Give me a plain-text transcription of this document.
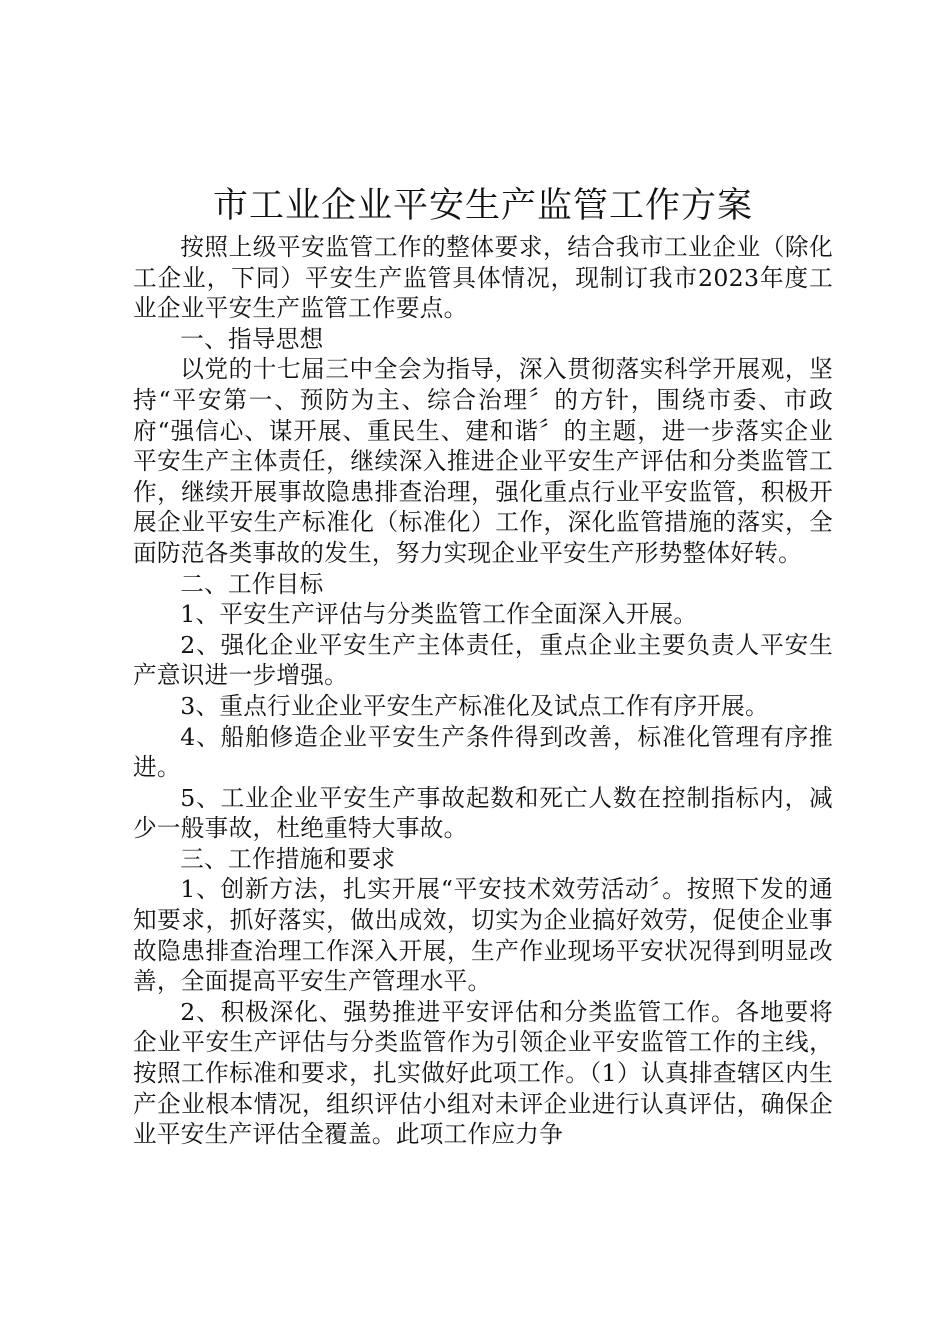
市工业企业平安生产监管工作方案

按照上级平安监管工作的整体要求，结合我市工业企业（除化工企业，下同）平安生产监管具体情况，现制订我市2023年度工业企业平安生产监管工作要点。

一、指导思想

以党的十七届三中全会为指导，深入贯彻落实科学开展观，坚持“平安第一、预防为主、综合治理〞的方针，围绕市委、市政府“强信心、谋开展、重民生、建和谐〞的主题，进一步落实企业平安生产主体责任，继续深入推进企业平安生产评估和分类监管工作，继续开展事故隐患排查治理，强化重点行业平安监管，积极开展企业平安生产标准化（标准化）工作，深化监管措施的落实，全面防范各类事故的发生，努力实现企业平安生产形势整体好转。

二、工作目标

1、平安生产评估与分类监管工作全面深入开展。

2、强化企业平安生产主体责任，重点企业主要负责人平安生产意识进一步增强。

3、重点行业企业平安生产标准化及试点工作有序开展。

4、船舶修造企业平安生产条件得到改善，标准化管理有序推进。

5、工业企业平安生产事故起数和死亡人数在控制指标内，减少一般事故，杜绝重特大事故。

三、工作措施和要求

1、创新方法，扎实开展“平安技术效劳活动〞。按照下发的通知要求，抓好落实，做出成效，切实为企业搞好效劳，促使企业事故隐患排查治理工作深入开展，生产作业现场平安状况得到明显改善，全面提高平安生产管理水平。

2、积极深化、强势推进平安评估和分类监管工作。各地要将企业平安生产评估与分类监管作为引领企业平安监管工作的主线，按照工作标准和要求，扎实做好此项工作。（1）认真排查辖区内生产企业根本情况，组织评估小组对未评企业进行认真评估，确保企业平安生产评估全覆盖。此项工作应力争
